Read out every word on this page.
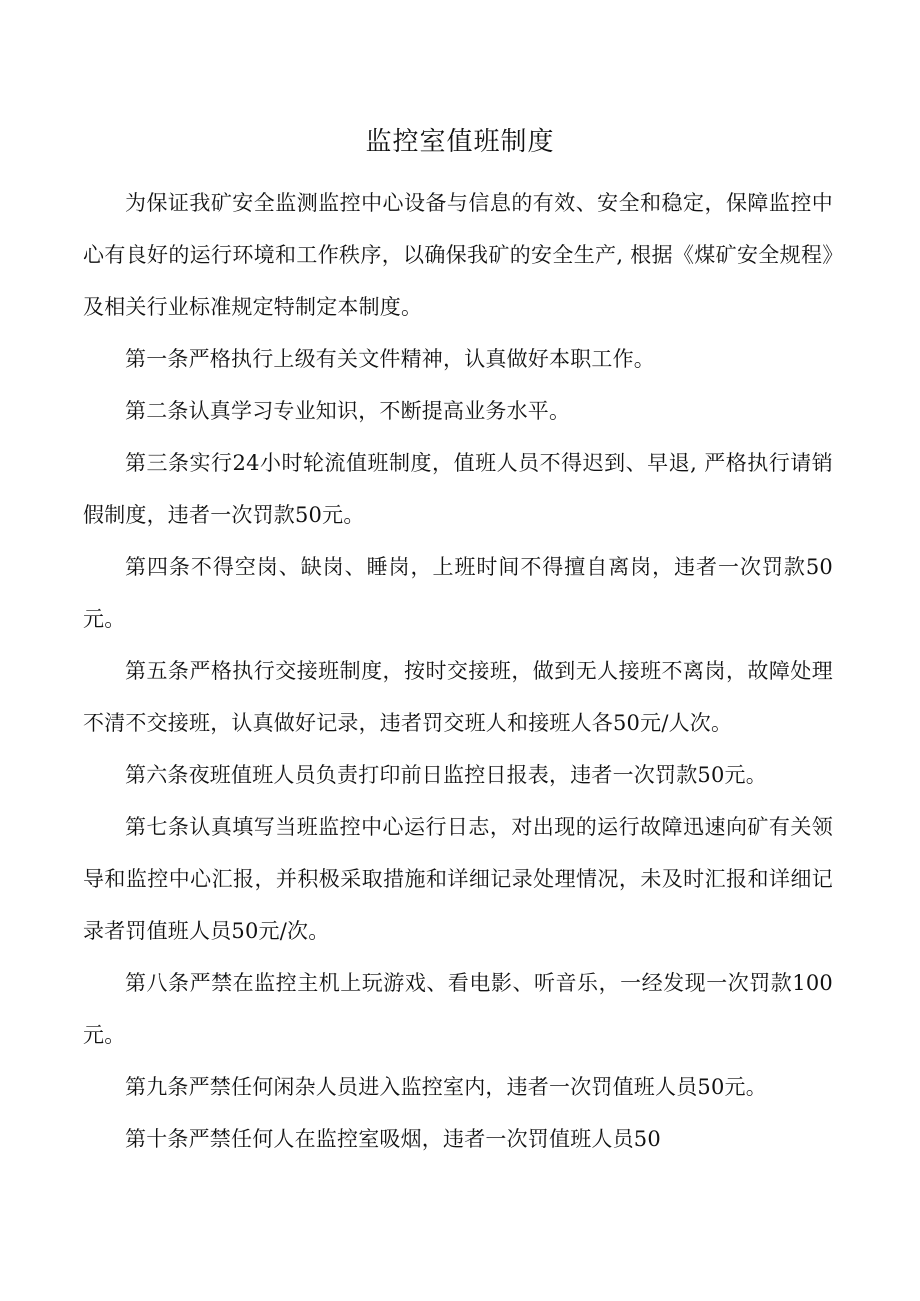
监控室值班制度

为保证我矿安全监测监控中心设备与信息的有效、安全和稳定，保障监控中心有良好的运行环境和工作秩序，以确保我矿的安全生产, 根据《煤矿安全规程》及相关行业标准规定特制定本制度。

第一条严格执行上级有关文件精神，认真做好本职工作。

第二条认真学习专业知识，不断提高业务水平。

第三条实行24小时轮流值班制度，值班人员不得迟到、早退, 严格执行请销假制度，违者一次罚款50元。

第四条不得空岗、缺岗、睡岗，上班时间不得擅自离岗，违者一次罚款50元。

第五条严格执行交接班制度，按时交接班，做到无人接班不离岗，故障处理不清不交接班，认真做好记录，违者罚交班人和接班人各50元/人次。

第六条夜班值班人员负责打印前日监控日报表，违者一次罚款50元。

第七条认真填写当班监控中心运行日志，对出现的运行故障迅速向矿有关领导和监控中心汇报，并积极采取措施和详细记录处理情况，未及时汇报和详细记录者罚值班人员50元/次。

第八条严禁在监控主机上玩游戏、看电影、听音乐，一经发现一次罚款100元。

第九条严禁任何闲杂人员进入监控室内，违者一次罚值班人员50元。

第十条严禁任何人在监控室吸烟，违者一次罚值班人员50
